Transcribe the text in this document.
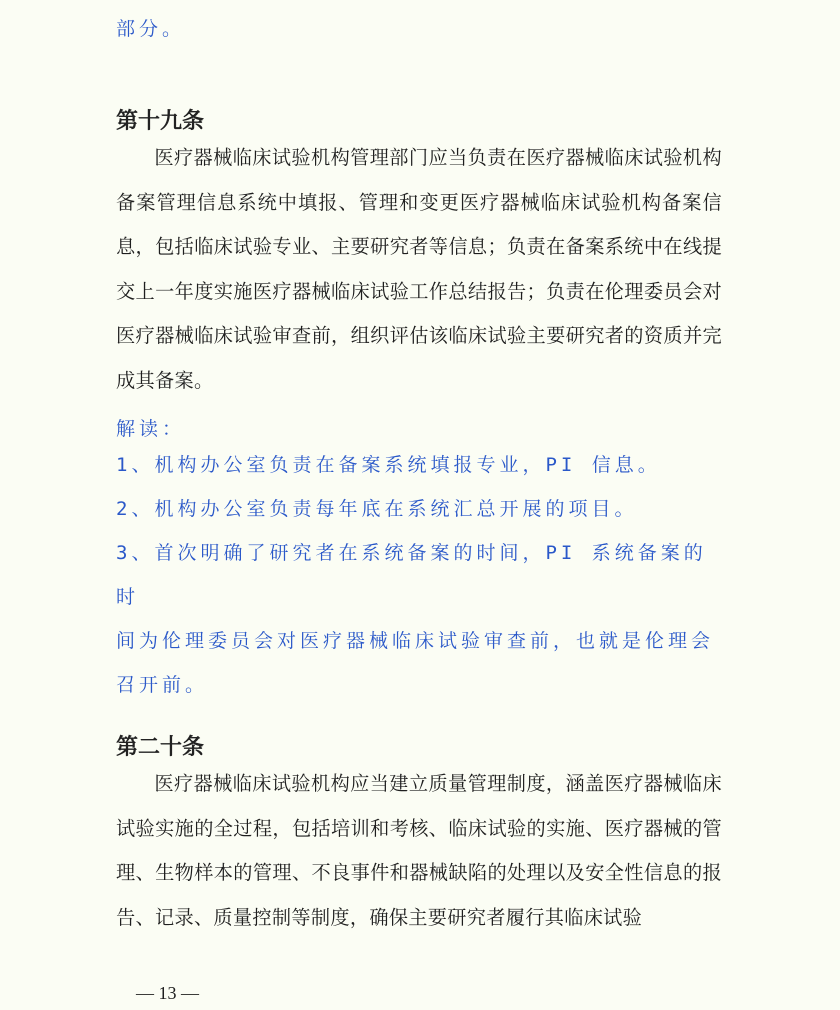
部分。
第十九条

医疗器械临床试验机构管理部门应当负责在医疗器械临床试验机构备案管理信息系统中填报、管理和变更医疗器械临床试验机构备案信息，包括临床试验专业、主要研究者等信息；负责在备案系统中在线提交上一年度实施医疗器械临床试验工作总结报告；负责在伦理委员会对医疗器械临床试验审查前，组织评估该临床试验主要研究者的资质并完成其备案。

解读：
1、机构办公室负责在备案系统填报专业，PI 信息。
2、机构办公室负责每年底在系统汇总开展的项目。
3、首次明确了研究者在系统备案的时间，PI 系统备案的时
间为伦理委员会对医疗器械临床试验审查前，也就是伦理会
召开前。
第二十条

医疗器械临床试验机构应当建立质量管理制度，涵盖医疗器械临床试验实施的全过程，包括培训和考核、临床试验的实施、医疗器械的管理、生物样本的管理、不良事件和器械缺陷的处理以及安全性信息的报告、记录、质量控制等制度，确保主要研究者履行其临床试验

— 13 —
